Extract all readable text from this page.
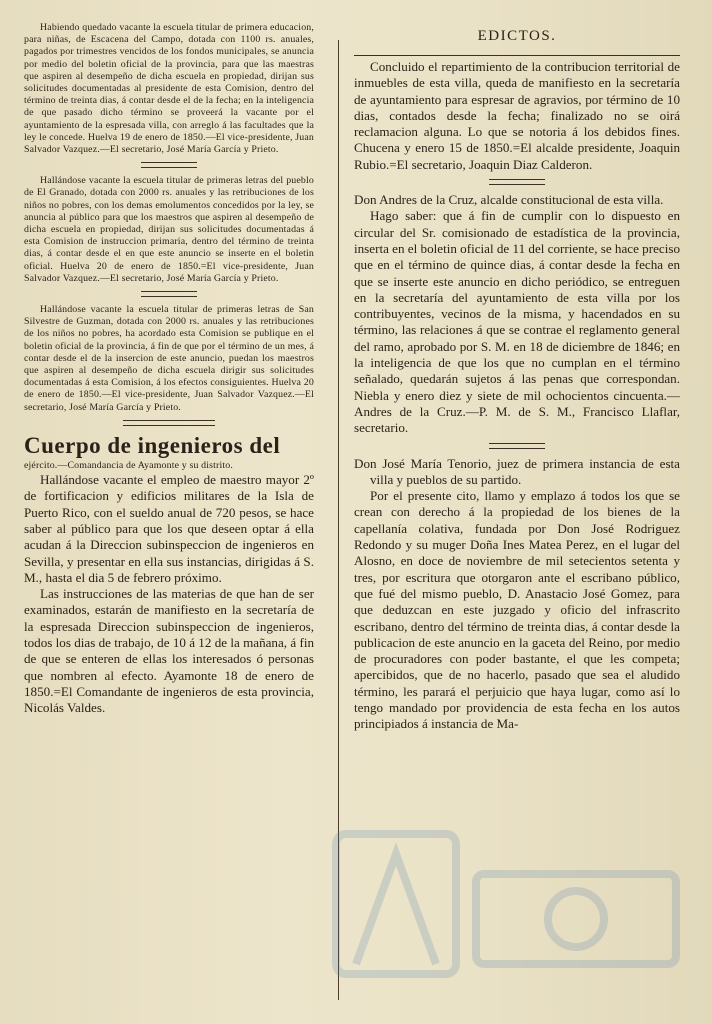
Habiendo quedado vacante la escuela titular de primera educacion, para niñas, de Escacena del Campo, dotada con 1100 rs. anuales, pagados por trimestres vencidos de los fondos municipales, se anuncia por medio del boletin oficial de la provincia, para que las maestras que aspiren al desempeño de dicha escuela en propiedad, dirijan sus solicitudes documentadas al presidente de esta Comision, dentro del término de treinta dias, á contar desde el de la fecha; en la inteligencia de que pasado dicho término se proveerá la vacante por el ayuntamiento de la espresada villa, con arreglo á las facultades que la ley le concede. Huelva 19 de enero de 1850.—El vice-presidente, Juan Salvador Vazquez.—El secretario, José María García y Prieto.

Hallándose vacante la escuela titular de primeras letras del pueblo de El Granado, dotada con 2000 rs. anuales y las retribuciones de los niños no pobres, con los demas emolumentos concedidos por la ley, se anuncia al público para que los maestros que aspiren al desempeño de dicha escuela en propiedad, dirijan sus solicitudes documentadas á esta Comision de instruccion primaria, dentro del término de treinta dias, á contar desde el en que este anuncio se inserte en el boletin oficial. Huelva 20 de enero de 1850.=El vice-presidente, Juan Salvador Vazquez.—El secretario, José María García y Prieto.

Hallándose vacante la escuela titular de primeras letras de San Silvestre de Guzman, dotada con 2000 rs. anuales y las retribuciones de los niños no pobres, ha acordado esta Comision se publique en el boletin oficial de la provincia, á fin de que por el término de un mes, á contar desde el de la insercion de este anuncio, puedan los maestros que aspiren al desempeño de dicha escuela dirigir sus solicitudes documentadas á esta Comision, á los efectos consiguientes. Huelva 20 de enero de 1850.—El vice-presidente, Juan Salvador Vazquez.—El secretario, José María García y Prieto.

Cuerpo de ingenieros del

ejército.—Comandancia de Ayamonte y su distrito.

Hallándose vacante el empleo de maestro mayor 2º de fortificacion y edificios militares de la Isla de Puerto Rico, con el sueldo anual de 720 pesos, se hace saber al público para que los que deseen optar á ella acudan á la Direccion subinspeccion de ingenieros en Sevilla, y presentar en ella sus instancias, dirigidas á S. M., hasta el dia 5 de febrero próximo.

Las instrucciones de las materias de que han de ser examinados, estarán de manifiesto en la secretaría de la espresada Direccion subinspeccion de ingenieros, todos los dias de trabajo, de 10 á 12 de la mañana, á fin de que se enteren de ellas los interesados ó personas que nombren al efecto. Ayamonte 18 de enero de 1850.=El Comandante de ingenieros de esta provincia, Nicolás Valdes.

EDICTOS.

Concluido el repartimiento de la contribucion territorial de inmuebles de esta villa, queda de manifiesto en la secretaría de ayuntamiento para espresar de agravios, por término de 10 dias, contados desde la fecha; finalizado no se oirá reclamacion alguna. Lo que se notoria á los debidos fines. Chucena y enero 15 de 1850.=El alcalde presidente, Joaquin Rubio.=El secretario, Joaquin Diaz Calderon.

Don Andres de la Cruz, alcalde constitucional de esta villa.

Hago saber: que á fin de cumplir con lo dispuesto en circular del Sr. comisionado de estadística de la provincia, inserta en el boletin oficial de 11 del corriente, se hace preciso que en el término de quince dias, á contar desde la fecha en que se inserte este anuncio en dicho periódico, se entreguen en la secretaría del ayuntamiento de esta villa por los contribuyentes, vecinos de la misma, y hacendados en su término, las relaciones á que se contrae el reglamento general del ramo, aprobado por S. M. en 18 de diciembre de 1846; en la inteligencia de que los que no cumplan en el término señalado, quedarán sujetos á las penas que correspondan. Niebla y enero diez y siete de mil ochocientos cincuenta.—Andres de la Cruz.—P. M. de S. M., Francisco Llaflar, secretario.

Don José María Tenorio, juez de primera instancia de esta villa y pueblos de su partido.

Por el presente cito, llamo y emplazo á todos los que se crean con derecho á la propiedad de los bienes de la capellanía colativa, fundada por Don José Rodriguez Redondo y su muger Doña Ines Matea Perez, en el lugar del Alosno, en doce de noviembre de mil setecientos setenta y tres, por escritura que otorgaron ante el escribano público, que fué del mismo pueblo, D. Anastacio José Gomez, para que deduzcan en este juzgado y oficio del infrascrito escribano, dentro del término de treinta dias, á contar desde la publicacion de este anuncio en la gaceta del Reino, por medio de procuradores con poder bastante, el que les competa; apercibidos, que de no hacerlo, pasado que sea el aludido término, les parará el perjuicio que haya lugar, como así lo tengo mandado por providencia de esta fecha en los autos principiados á instancia de Ma-
